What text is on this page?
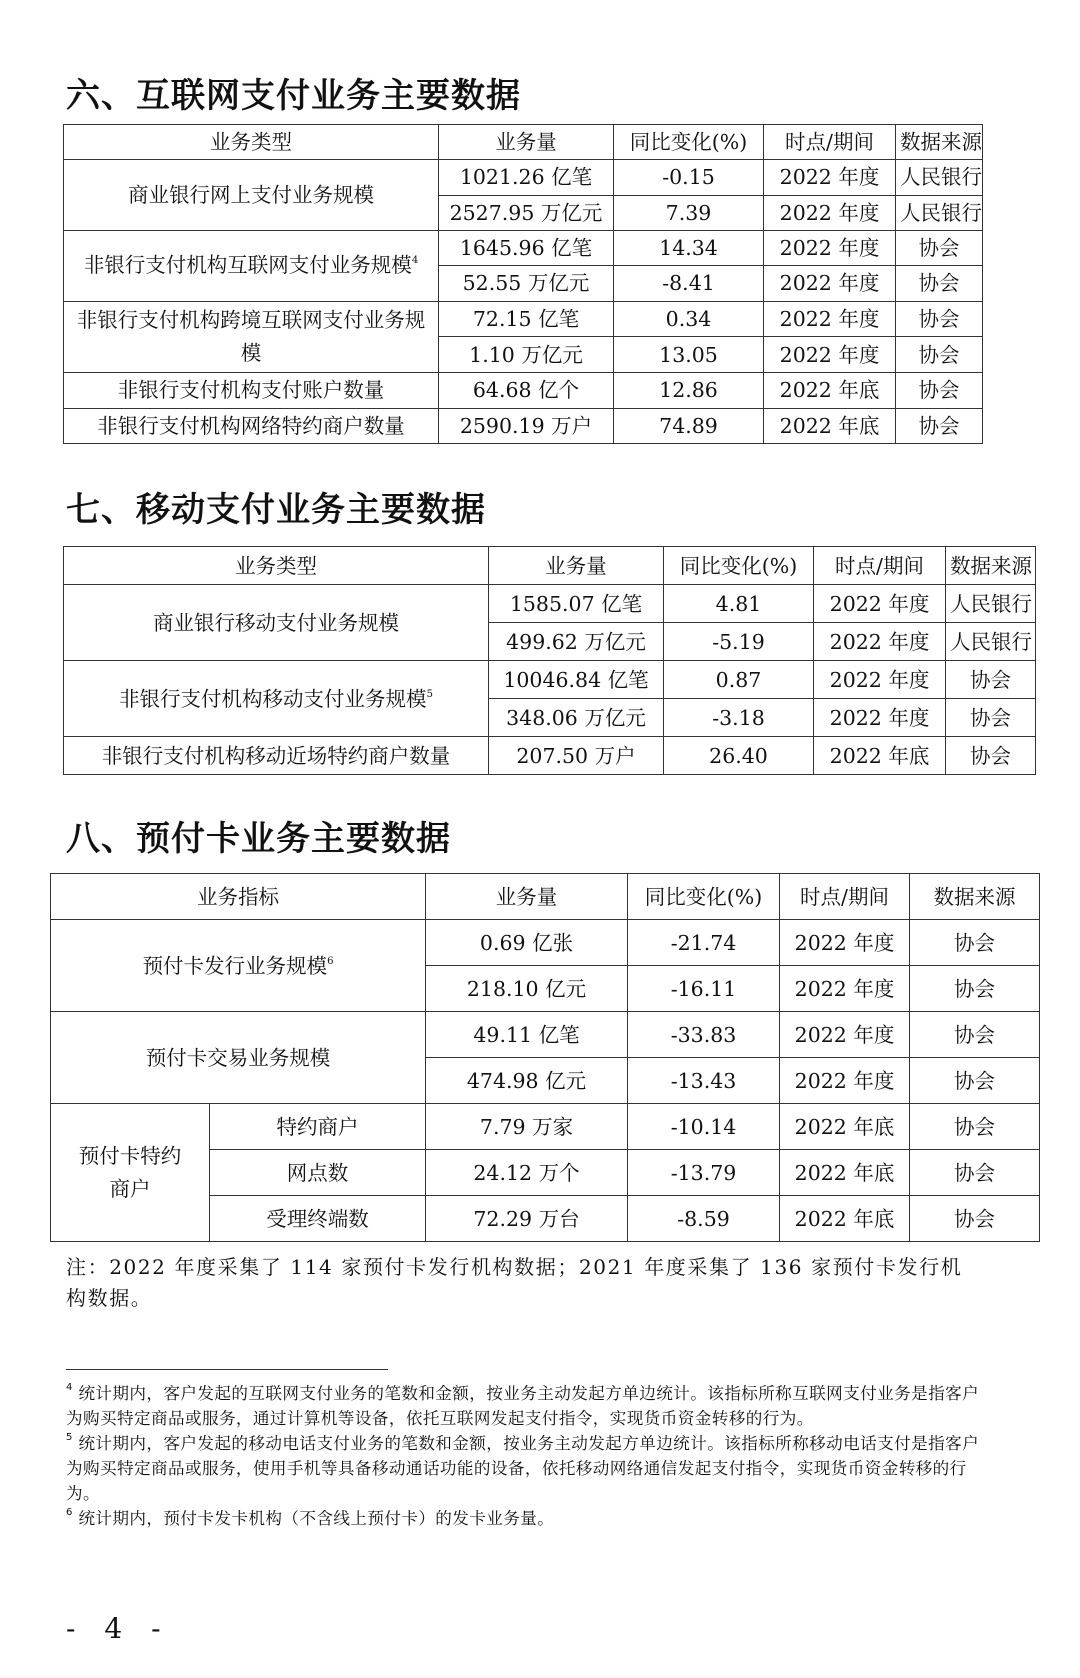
六、互联网支付业务主要数据
业务类型	业务量	同比变化(%)	时点/期间	数据来源
商业银行网上支付业务规模	1021.26 亿笔	-0.15	2022 年度	人民银行
	2527.95 万亿元	7.39	2022 年度	人民银行
非银行支付机构互联网支付业务规模$^4$	1645.96 亿笔	14.34	2022 年度	协会
	52.55 万亿元	-8.41	2022 年度	协会
非银行支付机构跨境互联网支付业务规模	72.15 亿笔	0.34	2022 年度	协会
	1.10 万亿元	13.05	2022 年度	协会
非银行支付机构支付账户数量	64.68 亿个	12.86	2022 年底	协会
非银行支付机构网络特约商户数量	2590.19 万户	74.89	2022 年底	协会
七、移动支付业务主要数据
业务类型	业务量	同比变化(%)	时点/期间	数据来源
商业银行移动支付业务规模	1585.07 亿笔	4.81	2022 年度	人民银行
	499.62 万亿元	-5.19	2022 年度	人民银行
非银行支付机构移动支付业务规模$^5$	10046.84 亿笔	0.87	2022 年度	协会
	348.06 万亿元	-3.18	2022 年度	协会
非银行支付机构移动近场特约商户数量	207.50 万户	26.40	2022 年底	协会
八、预付卡业务主要数据
业务指标		业务量	同比变化(%)	时点/期间	数据来源
预付卡发行业务规模$^6$		0.69 亿张	-21.74	2022 年度	协会
		218.10 亿元	-16.11	2022 年度	协会
预付卡交易业务规模		49.11 亿笔	-33.83	2022 年度	协会
		474.98 亿元	-13.43	2022 年度	协会
预付卡特约商户	特约商户	7.79 万家	-10.14	2022 年底	协会
	网点数	24.12 万个	-13.79	2022 年底	协会
	受理终端数	72.29 万台	-8.59	2022 年底	协会

注：2022 年度采集了 114 家预付卡发行机构数据；2021 年度采集了 136 家预付卡发行机构数据。

$^4$ 统计期内，客户发起的互联网支付业务的笔数和金额，按业务主动发起方单边统计。该指标所称互联网支付业务是指客户为购买特定商品或服务，通过计算机等设备，依托互联网发起支付指令，实现货币资金转移的行为。

$^5$ 统计期内，客户发起的移动电话支付业务的笔数和金额，按业务主动发起方单边统计。该指标所称移动电话支付是指客户为购买特定商品或服务，使用手机等具备移动通话功能的设备，依托移动网络通信发起支付指令，实现货币资金转移的行为。

$^6$ 统计期内，预付卡发卡机构（不含线上预付卡）的发卡业务量。

- 4 -
